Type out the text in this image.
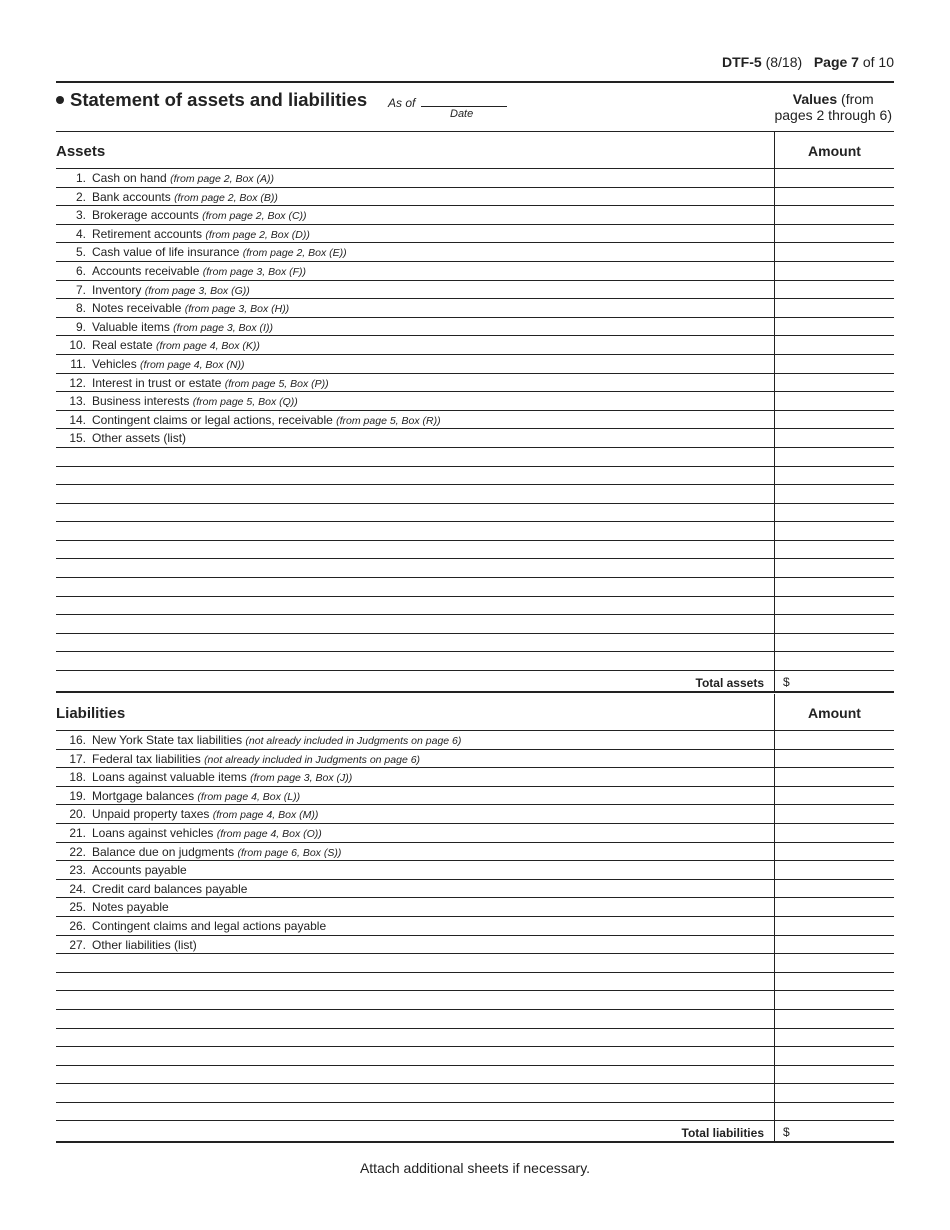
DTF-5 (8/18) Page 7 of 10
Statement of assets and liabilities As of
Date
Values (from
pages 2 through 6)
Assets	Amount
1. Cash on hand (from page 2, Box (A))
2. Bank accounts (from page 2, Box (B))
3. Brokerage accounts (from page 2, Box (C))
4. Retirement accounts (from page 2, Box (D))
5. Cash value of life insurance (from page 2, Box (E))
6. Accounts receivable (from page 3, Box (F))
7. Inventory (from page 3, Box (G))
8. Notes receivable (from page 3, Box (H))
9. Valuable items (from page 3, Box (I))
10. Real estate (from page 4, Box (K))
11. Vehicles (from page 4, Box (N))
12. Interest in trust or estate (from page 5, Box (P))
13. Business interests (from page 5, Box (Q))
14. Contingent claims or legal actions, receivable (from page 5, Box (R))
15. Other assets (list)
Total assets	$
Liabilities	Amount
16. New York State tax liabilities (not already included in Judgments on page 6)
17. Federal tax liabilities (not already included in Judgments on page 6)
18. Loans against valuable items (from page 3, Box (J))
19. Mortgage balances (from page 4, Box (L))
20. Unpaid property taxes (from page 4, Box (M))
21. Loans against vehicles (from page 4, Box (O))
22. Balance due on judgments (from page 6, Box (S))
23. Accounts payable
24. Credit card balances payable
25. Notes payable
26. Contingent claims and legal actions payable
27. Other liabilities (list)
Total liabilities	$
Attach additional sheets if necessary.
